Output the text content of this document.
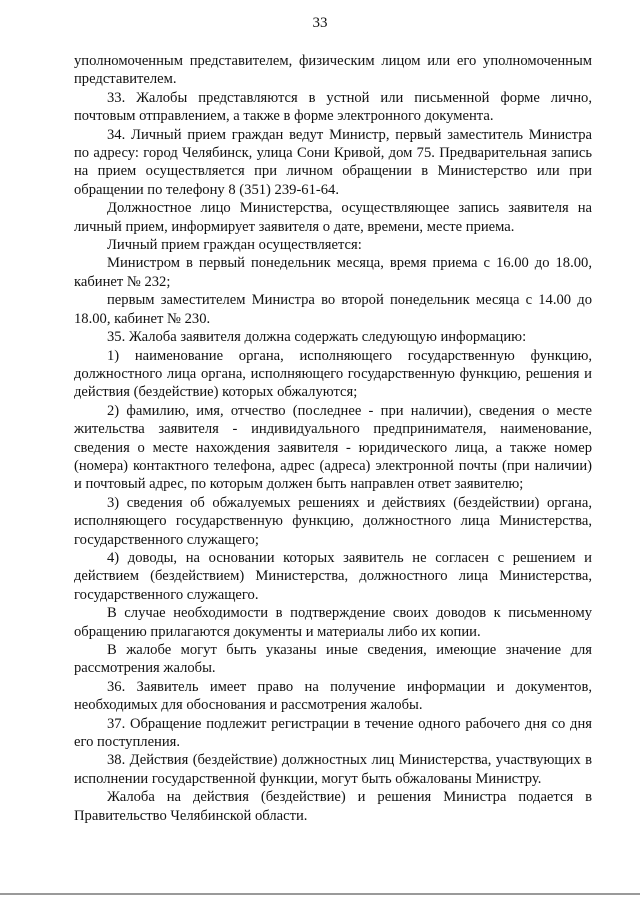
33

уполномоченным представителем, физическим лицом или его уполномоченным представителем.

33. Жалобы представляются в устной или письменной форме лично, почтовым отправлением, а также в форме электронного документа.

34. Личный прием граждан ведут Министр, первый заместитель Министра по адресу: город Челябинск, улица Сони Кривой, дом 75. Предварительная запись на прием осуществляется при личном обращении в Министерство или при обращении по телефону 8 (351) 239-61-64.

Должностное лицо Министерства, осуществляющее запись заявителя на личный прием, информирует заявителя о дате, времени, месте приема.

Личный прием граждан осуществляется:

Министром в первый понедельник месяца, время приема с 16.00 до 18.00, кабинет № 232;

первым заместителем Министра во второй понедельник месяца с 14.00 до 18.00, кабинет № 230.

35. Жалоба заявителя должна содержать следующую информацию:

1) наименование органа, исполняющего государственную функцию, должностного лица органа, исполняющего государственную функцию, решения и действия (бездействие) которых обжалуются;

2) фамилию, имя, отчество (последнее - при наличии), сведения о месте жительства заявителя - индивидуального предпринимателя, наименование, сведения о месте нахождения заявителя - юридического лица, а также номер (номера) контактного телефона, адрес (адреса) электронной почты (при наличии) и почтовый адрес, по которым должен быть направлен ответ заявителю;

3) сведения об обжалуемых решениях и действиях (бездействии) органа, исполняющего государственную функцию, должностного лица Министерства, государственного служащего;

4) доводы, на основании которых заявитель не согласен с решением и действием (бездействием) Министерства, должностного лица Министерства, государственного служащего.

В случае необходимости в подтверждение своих доводов к письменному обращению прилагаются документы и материалы либо их копии.

В жалобе могут быть указаны иные сведения, имеющие значение для рассмотрения жалобы.

36. Заявитель имеет право на получение информации и документов, необходимых для обоснования и рассмотрения жалобы.

37. Обращение подлежит регистрации в течение одного рабочего дня со дня его поступления.

38. Действия (бездействие) должностных лиц Министерства, участвующих в исполнении государственной функции, могут быть обжалованы Министру.

Жалоба на действия (бездействие) и решения Министра подается в Правительство Челябинской области.
